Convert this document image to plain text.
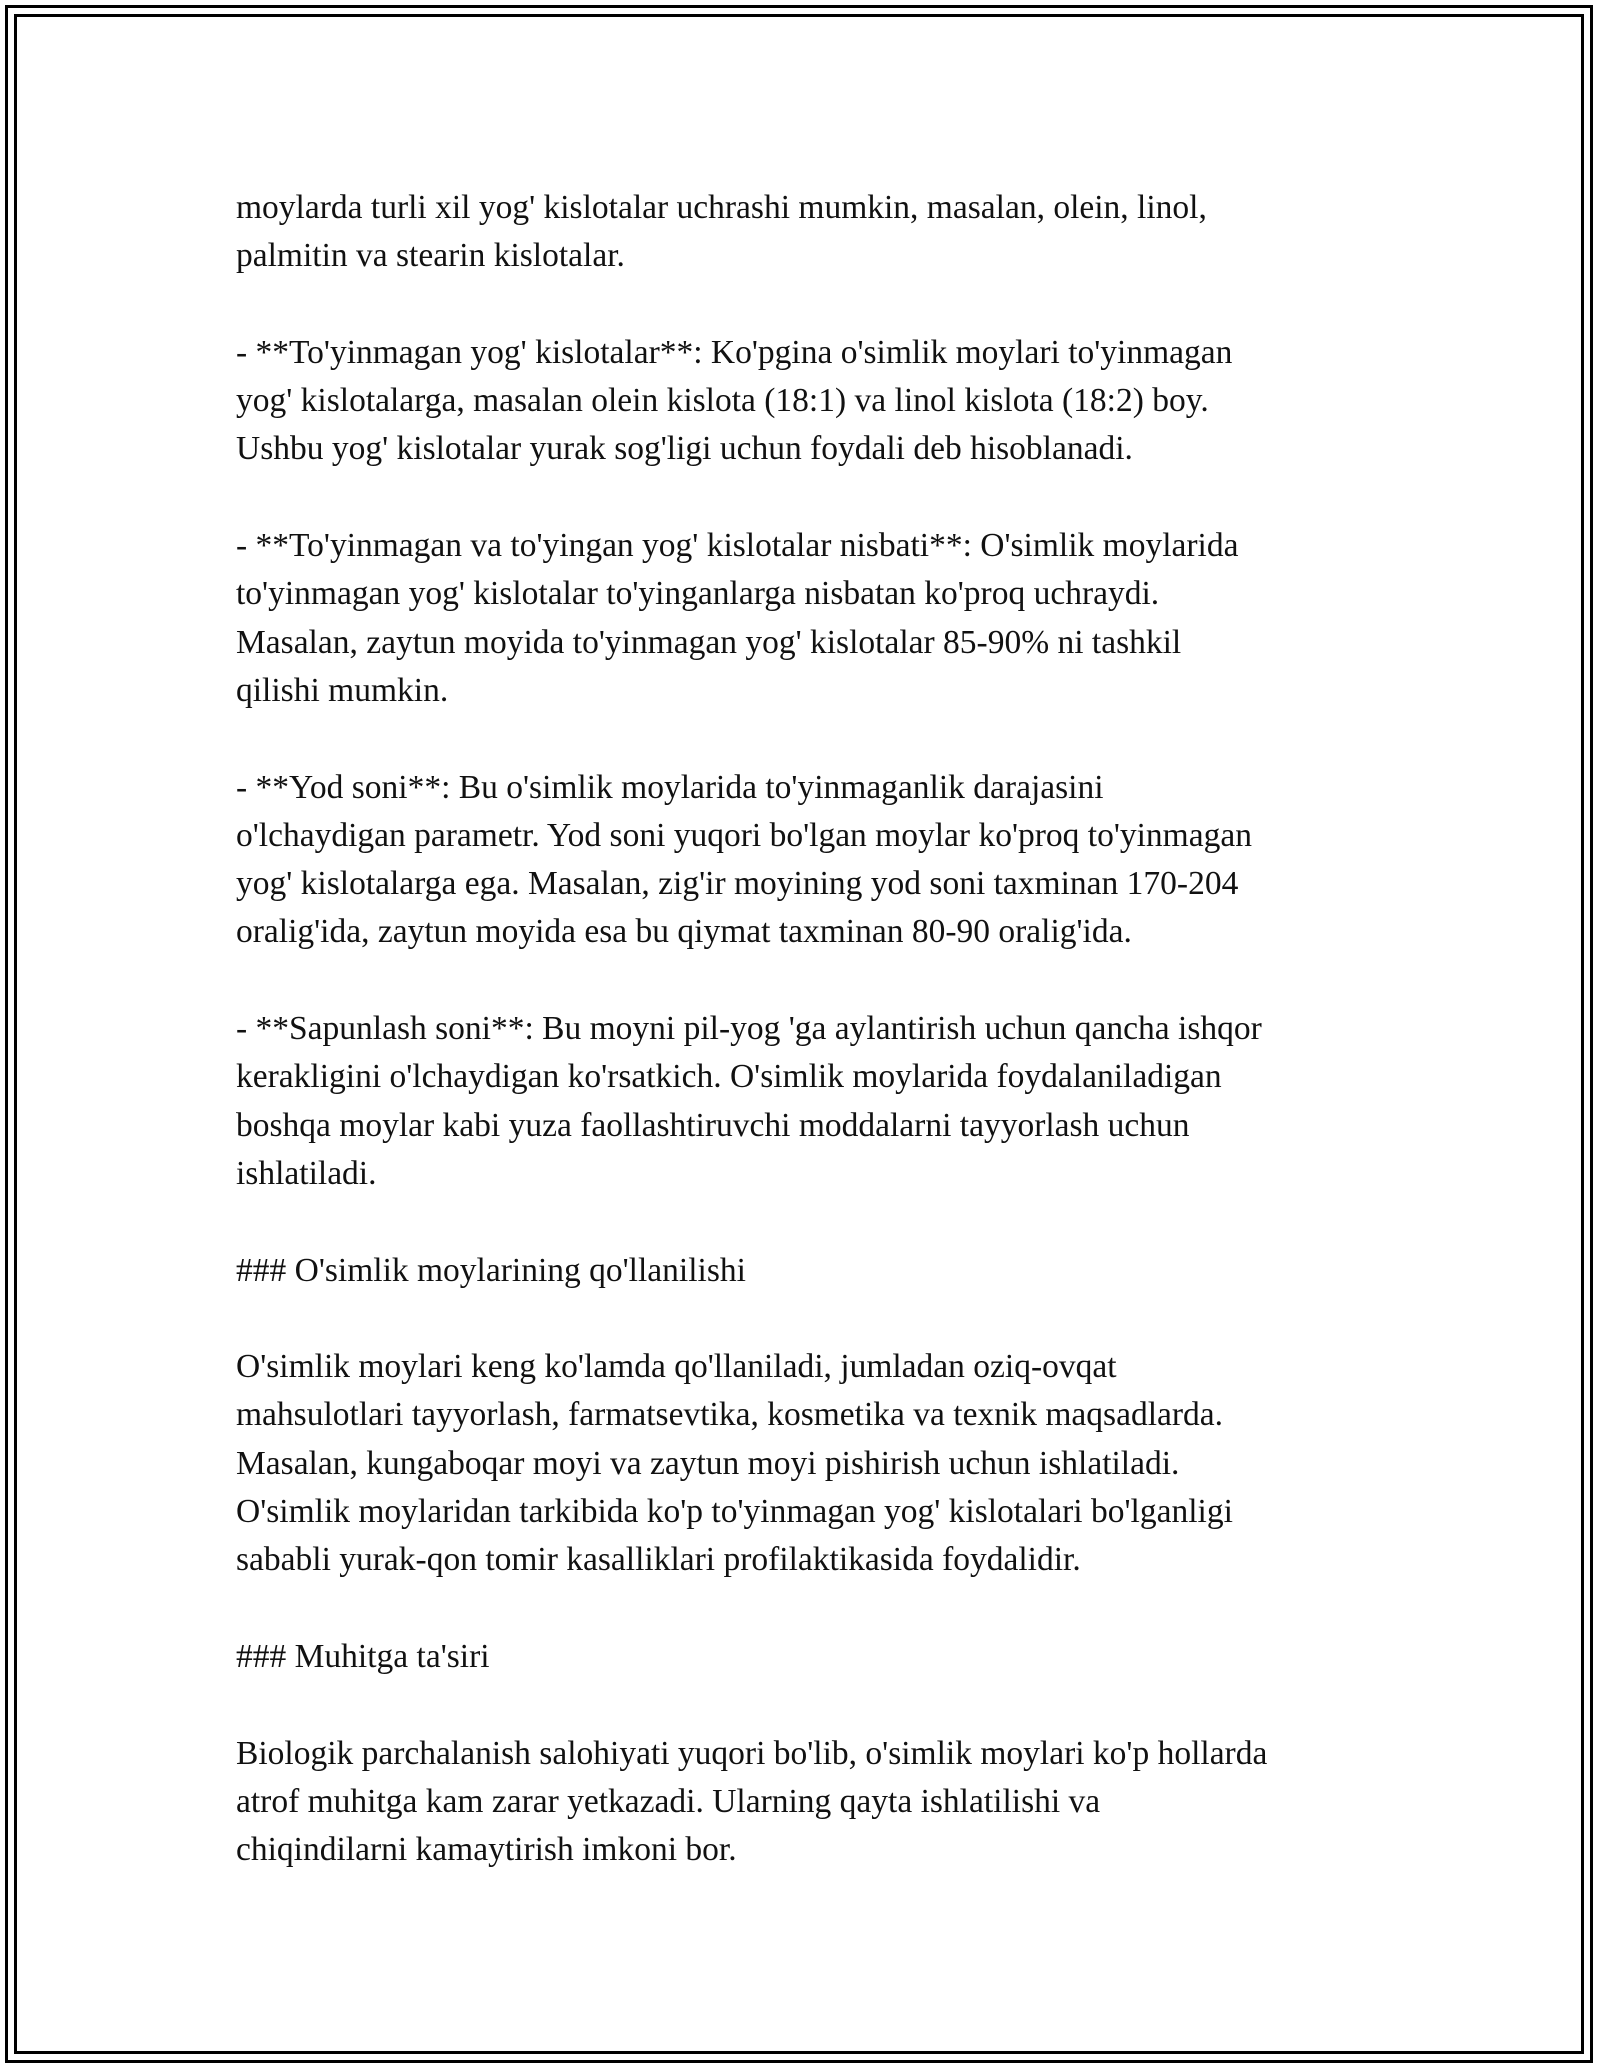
moylarda turli xil yog' kislotalar uchrashi mumkin, masalan, olein, linol,
palmitin va stearin kislotalar.

- **To'yinmagan yog' kislotalar**: Ko'pgina o'simlik moylari to'yinmagan
yog' kislotalarga, masalan olein kislota (18:1) va linol kislota (18:2) boy.
Ushbu yog' kislotalar yurak sog'ligi uchun foydali deb hisoblanadi.

- **To'yinmagan va to'yingan yog' kislotalar nisbati**: O'simlik moylarida
to'yinmagan yog' kislotalar to'yinganlarga nisbatan ko'proq uchraydi.
Masalan, zaytun moyida to'yinmagan yog' kislotalar 85-90% ni tashkil
qilishi mumkin.

- **Yod soni**: Bu o'simlik moylarida to'yinmaganlik darajasini
o'lchaydigan parametr. Yod soni yuqori bo'lgan moylar ko'proq to'yinmagan
yog' kislotalarga ega. Masalan, zig'ir moyining yod soni taxminan 170-204
oralig'ida, zaytun moyida esa bu qiymat taxminan 80-90 oralig'ida.

- **Sapunlash soni**: Bu moyni pil-yog 'ga aylantirish uchun qancha ishqor
kerakligini o'lchaydigan ko'rsatkich. O'simlik moylarida foydalaniladigan
boshqa moylar kabi yuza faollashtiruvchi moddalarni tayyorlash uchun
ishlatiladi.

### O'simlik moylarining qo'llanilishi

O'simlik moylari keng ko'lamda qo'llaniladi, jumladan oziq-ovqat
mahsulotlari tayyorlash, farmatsevtika, kosmetika va texnik maqsadlarda.
Masalan, kungaboqar moyi va zaytun moyi pishirish uchun ishlatiladi.
O'simlik moylaridan tarkibida ko'p to'yinmagan yog' kislotalari bo'lganligi
sababli yurak-qon tomir kasalliklari profilaktikasida foydalidir.

### Muhitga ta'siri

Biologik parchalanish salohiyati yuqori bo'lib, o'simlik moylari ko'p hollarda
atrof muhitga kam zarar yetkazadi. Ularning qayta ishlatilishi va
chiqindilarni kamaytirish imkoni bor.
